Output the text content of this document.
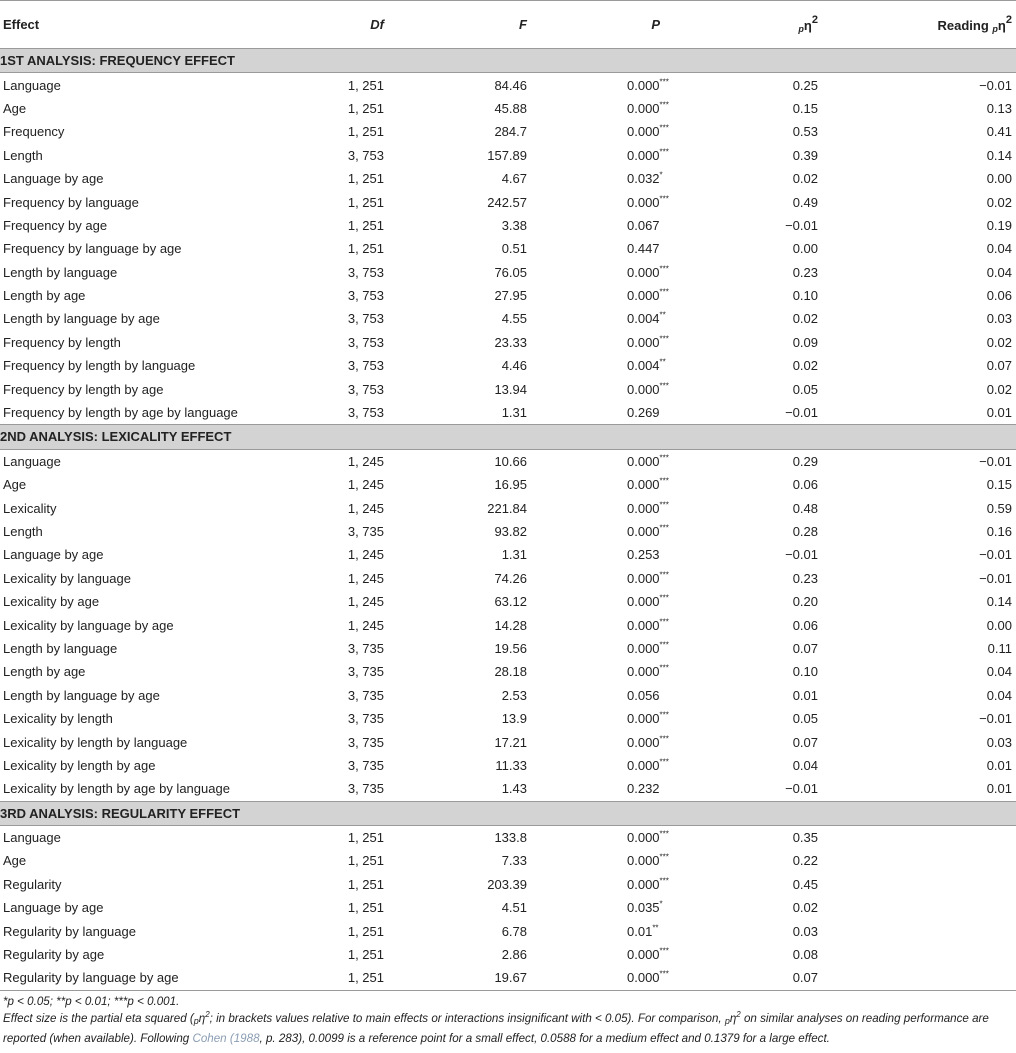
Effect	Df	F	P	$p\eta^2$	Reading $p\eta^2$
1ST ANALYSIS: FREQUENCY EFFECT					
Language	1, 251	84.46	0.000***	0.25	−0.01
Age	1, 251	45.88	0.000***	0.15	0.13
Frequency	1, 251	284.7	0.000***	0.53	0.41
Length	3, 753	157.89	0.000***	0.39	0.14
Language by age	1, 251	4.67	0.032*	0.02	0.00
Frequency by language	1, 251	242.57	0.000***	0.49	0.02
Frequency by age	1, 251	3.38	0.067	−0.01	0.19
Frequency by language by age	1, 251	0.51	0.447	0.00	0.04
Length by language	3, 753	76.05	0.000***	0.23	0.04
Length by age	3, 753	27.95	0.000***	0.10	0.06
Length by language by age	3, 753	4.55	0.004**	0.02	0.03
Frequency by length	3, 753	23.33	0.000***	0.09	0.02
Frequency by length by language	3, 753	4.46	0.004**	0.02	0.07
Frequency by length by age	3, 753	13.94	0.000***	0.05	0.02
Frequency by length by age by language	3, 753	1.31	0.269	−0.01	0.01
2ND ANALYSIS: LEXICALITY EFFECT					
Language	1, 245	10.66	0.000***	0.29	−0.01
Age	1, 245	16.95	0.000***	0.06	0.15
Lexicality	1, 245	221.84	0.000***	0.48	0.59
Length	3, 735	93.82	0.000***	0.28	0.16
Language by age	1, 245	1.31	0.253	−0.01	−0.01
Lexicality by language	1, 245	74.26	0.000***	0.23	−0.01
Lexicality by age	1, 245	63.12	0.000***	0.20	0.14
Lexicality by language by age	1, 245	14.28	0.000***	0.06	0.00
Length by language	3, 735	19.56	0.000***	0.07	0.11
Length by age	3, 735	28.18	0.000***	0.10	0.04
Length by language by age	3, 735	2.53	0.056	0.01	0.04
Lexicality by length	3, 735	13.9	0.000***	0.05	−0.01
Lexicality by length by language	3, 735	17.21	0.000***	0.07	0.03
Lexicality by length by age	3, 735	11.33	0.000***	0.04	0.01
Lexicality by length by age by language	3, 735	1.43	0.232	−0.01	0.01
3RD ANALYSIS: REGULARITY EFFECT					
Language	1, 251	133.8	0.000***	0.35	
Age	1, 251	7.33	0.000***	0.22	
Regularity	1, 251	203.39	0.000***	0.45	
Language by age	1, 251	4.51	0.035*	0.02	
Regularity by language	1, 251	6.78	0.01**	0.03	
Regularity by age	1, 251	2.86	0.000***	0.08	
Regularity by language by age	1, 251	19.67	0.000***	0.07	
*p < 0.05; **p < 0.01; ***p < 0.001.
Effect size is the partial eta squared ($p\eta^2$; in brackets values relative to main effects or interactions insignificant with < 0.05). For comparison, $p\eta^2$ on similar analyses on reading performance are reported (when available). Following Cohen (1988, p. 283), 0.0099 is a reference point for a small effect, 0.0588 for a medium effect and 0.1379 for a large effect.
